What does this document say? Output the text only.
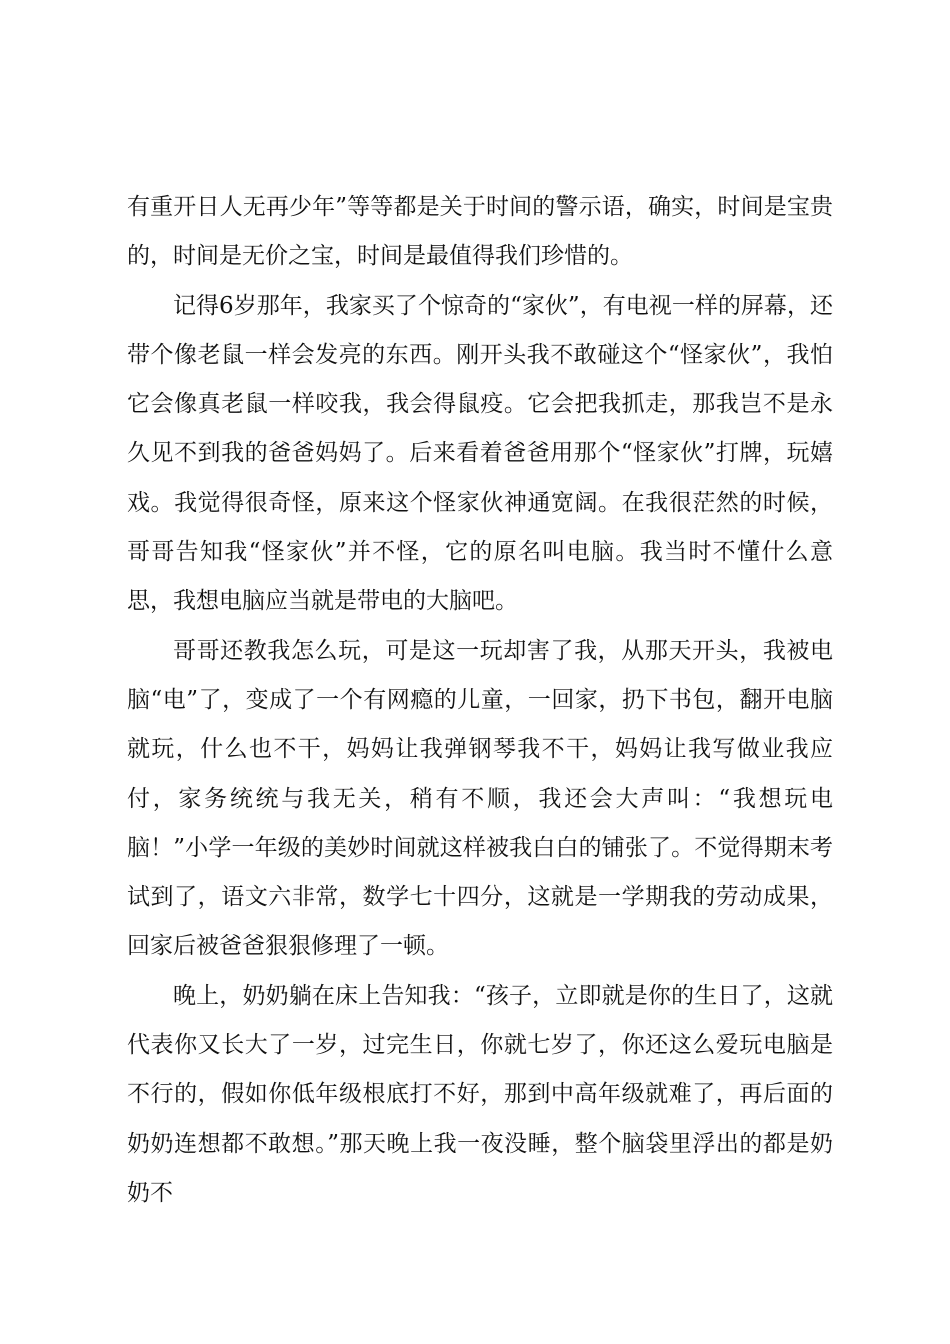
有重开日人无再少年”等等都是关于时间的警示语，确实，时间是宝贵的，时间是无价之宝，时间是最值得我们珍惜的。

记得6岁那年，我家买了个惊奇的“家伙”，有电视一样的屏幕，还带个像老鼠一样会发亮的东西。刚开头我不敢碰这个“怪家伙”，我怕它会像真老鼠一样咬我，我会得鼠疫。它会把我抓走，那我岂不是永久见不到我的爸爸妈妈了。后来看着爸爸用那个“怪家伙”打牌，玩嬉戏。我觉得很奇怪，原来这个怪家伙神通宽阔。在我很茫然的时候，哥哥告知我“怪家伙”并不怪，它的原名叫电脑。我当时不懂什么意思，我想电脑应当就是带电的大脑吧。

哥哥还教我怎么玩，可是这一玩却害了我，从那天开头，我被电脑“电”了，变成了一个有网瘾的儿童，一回家，扔下书包，翻开电脑就玩，什么也不干，妈妈让我弹钢琴我不干，妈妈让我写做业我应付，家务统统与我无关，稍有不顺，我还会大声叫：“我想玩电脑！”小学一年级的美妙时间就这样被我白白的铺张了。不觉得期末考试到了，语文六非常，数学七十四分，这就是一学期我的劳动成果，回家后被爸爸狠狠修理了一顿。

晚上，奶奶躺在床上告知我：“孩子，立即就是你的生日了，这就代表你又长大了一岁，过完生日，你就七岁了，你还这么爱玩电脑是不行的，假如你低年级根底打不好，那到中高年级就难了，再后面的奶奶连想都不敢想。”那天晚上我一夜没睡，整个脑袋里浮出的都是奶奶不
